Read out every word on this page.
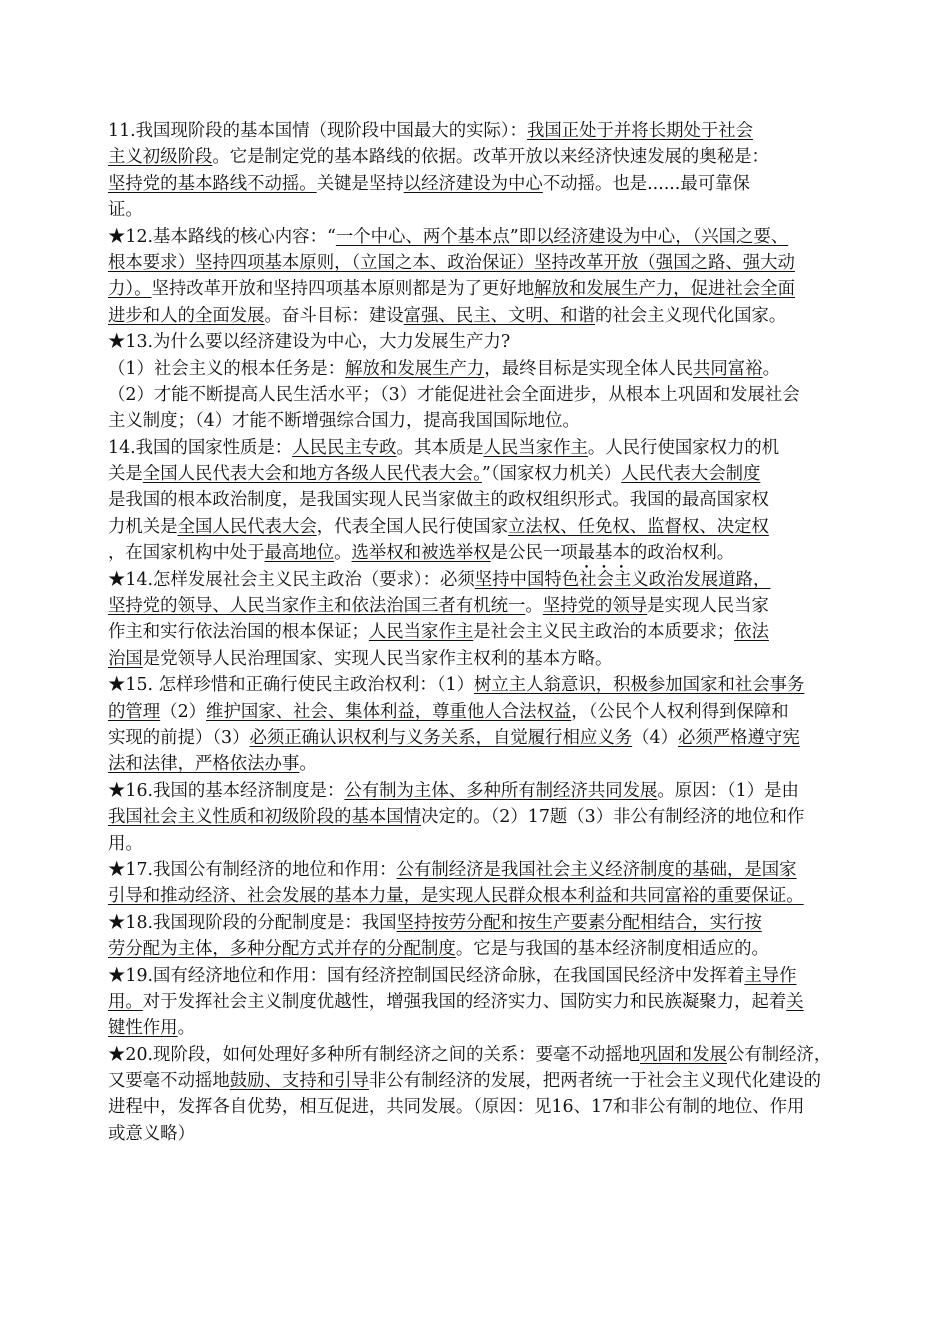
11.我国现阶段的基本国情（现阶段中国最大的实际）：我国正处于并将长期处于社会
主义初级阶段。它是制定党的基本路线的依据。改革开放以来经济快速发展的奥秘是：
坚持党的基本路线不动摇。关键是坚持以经济建设为中心不动摇。也是......最可靠保
证。
★12.基本路线的核心内容：“一个中心、两个基本点”即以经济建设为中心，（兴国之要、
根本要求）坚持四项基本原则，（立国之本、政治保证）坚持改革开放（强国之路、强大动
力）。坚持改革开放和坚持四项基本原则都是为了更好地解放和发展生产力，促进社会全面
进步和人的全面发展。奋斗目标：建设富强、民主、文明、和谐的社会主义现代化国家。
★13.为什么要以经济建设为中心，大力发展生产力?
（1）社会主义的根本任务是：解放和发展生产力，最终目标是实现全体人民共同富裕。
（2）才能不断提高人民生活水平；（3）才能促进社会全面进步，从根本上巩固和发展社会
主义制度；（4）才能不断增强综合国力，提高我国国际地位。
14.我国的国家性质是：人民民主专政。其本质是人民当家作主。人民行使国家权力的机
关是全国人民代表大会和地方各级人民代表大会。”（国家权力机关）人民代表大会制度
是我国的根本政治制度，是我国实现人民当家做主的政权组织形式。我国的最高国家权
力机关是全国人民代表大会，代表全国人民行使国家立法权、任免权、监督权、决定权
，在国家机构中处于最高地位。选举权和被选举权是公民一项最基本的政治权利。
★14.怎样发展社会主义民主政治（要求）：必须坚持中国特色社会主义政治发展道路，
坚持党的领导、人民当家作主和依法治国三者有机统一。坚持党的领导是实现人民当家
作主和实行依法治国的根本保证；人民当家作主是社会主义民主政治的本质要求；依法
治国是党领导人民治理国家、实现人民当家作主权利的基本方略。
★15. 怎样珍惜和正确行使民主政治权利：（1）树立主人翁意识，积极参加国家和社会事务
的管理（2）维护国家、社会、集体利益，尊重他人合法权益，（公民个人权利得到保障和
实现的前提）（3）必须正确认识权利与义务关系，自觉履行相应义务（4）必须严格遵守宪
法和法律，严格依法办事。
★16.我国的基本经济制度是：公有制为主体、多种所有制经济共同发展。原因：（1）是由
我国社会主义性质和初级阶段的基本国情决定的。（2）17题（3）非公有制经济的地位和作
用。
★17.我国公有制经济的地位和作用：公有制经济是我国社会主义经济制度的基础，是国家
引导和推动经济、社会发展的基本力量，是实现人民群众根本利益和共同富裕的重要保证。
★18.我国现阶段的分配制度是：我国坚持按劳分配和按生产要素分配相结合，实行按
劳分配为主体，多种分配方式并存的分配制度。它是与我国的基本经济制度相适应的。
★19.国有经济地位和作用：国有经济控制国民经济命脉，在我国国民经济中发挥着主导作
用。对于发挥社会主义制度优越性，增强我国的经济实力、国防实力和民族凝聚力，起着关
键性作用。
★20.现阶段，如何处理好多种所有制经济之间的关系：要毫不动摇地巩固和发展公有制经济，
又要毫不动摇地鼓励、支持和引导非公有制经济的发展，把两者统一于社会主义现代化建设的
进程中，发挥各自优势，相互促进，共同发展。（原因：见16、17和非公有制的地位、作用
或意义略）
